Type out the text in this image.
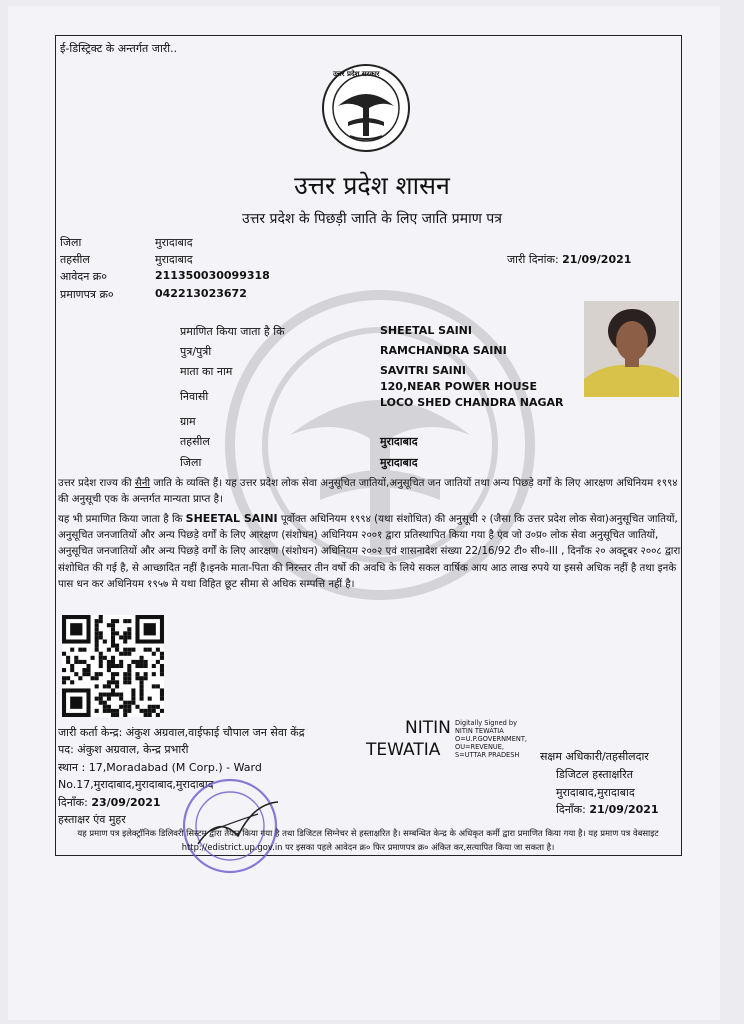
ई-डिस्ट्रिक्ट के अन्तर्गत जारी..
उत्तर प्रदेश सरकार
उत्तर प्रदेश शासन
उत्तर प्रदेश के पिछड़ी जाति के लिए जाति प्रमाण पत्र
जिला	मुरादाबाद
तहसील	मुरादाबाद
आवेदन क्र०	211350030099318
प्रमाणपत्र क्र०	042213023672
जारी दिनांक: 21/09/2021
प्रमाणित किया जाता है कि	SHEETAL SAINI
पुत्र/पुत्री	RAMCHANDRA SAINI
माता का नाम	SAVITRI SAINI
निवासी
120,NEAR POWER HOUSE
LOCO SHED CHANDRA NAGAR
ग्राम
तहसील	मुरादाबाद
जिला	मुरादाबाद
उत्तर प्रदेश राज्य की सैनी जाति के व्यक्ति हैं। यह उत्तर प्रदेश लोक सेवा अनुसूचित जातियों,अनुसूचित जन जातियों तथा अन्य पिछड़े वर्गों के लिए आरक्षण अधिनियम १९९४ की अनुसूची एक के अन्तर्गत मान्यता प्राप्त है।
यह भी प्रमाणित किया जाता है कि SHEETAL SAINI पूर्वोक्त अधिनियम १९९४ (यथा संशोधित) की अनुसूची २ (जैसा कि उत्तर प्रदेश लोक सेवा)अनुसूचित जातियों, अनुसूचित जनजातियों और अन्य पिछड़े वर्गों के लिए आरक्षण (संशोधन) अधिनियम २००१ द्वारा प्रतिस्थापित किया गया है एंव जो उ०प्र० लोक सेवा अनुसूचित जातियों, अनुसूचित जनजातियों और अन्य पिछड़े वर्गों के लिए आरक्षण (संशोधन) अधिनियम २००२ एवं शासनादेश संख्या 22/16/92 टी० सी०-III , दिनाँक २० अक्टूबर २००८ द्वारा संशोधित की गई है, से आच्छादित नहीं है।इनके माता-पिता की निरन्तर तीन वर्षो की अवधि के लिये सकल वार्षिक आय आठ लाख रुपये या इससे अधिक नहीं है तथा इनके पास धन कर अधिनियम १९५७ मे यथा विहित छूट सीमा से अधिक सम्पत्ति नहीं है।
जारी कर्ता केन्द्र: अंकुश अग्रवाल,वाईफाई चौपाल जन सेवा केंद्र
पद: अंकुश अग्रवाल, केन्द्र प्रभारी
स्थान : 17,Moradabad (M Corp.) - Ward
No.17,मुरादाबाद,मुरादाबाद,मुरादाबाद
दिनाँक: 23/09/2021
हस्ताक्षर एंव मुहर
NITIN
TEWATIA
Digitally Signed by
NITIN TEWATIA
O=U.P.GOVERNMENT,
OU=REVENUE,
S=UTTAR PRADESH	सक्षम अधिकारी/तहसीलदार
डिजिटल हस्ताक्षरित
मुरादाबाद,मुरादाबाद
दिनाँक: 21/09/2021
यह प्रमाण पत्र इलेक्ट्रॉनिक डिलिवरी सिस्टम द्वारा तैयार किया गया है तथा डिजिटल सिग्नेचर से हस्ताक्षरित है। सम्बन्धित केन्द्र के अधिकृत कर्मी द्वारा प्रमाणित किया गया है। यह प्रमाण पत्र वेबसाइट http://edistrict.up.gov.in पर इसका पहले आवेदन क्र० फिर प्रमाणपत्र क्र० अंकित कर,सत्यापित किया जा सकता है।
